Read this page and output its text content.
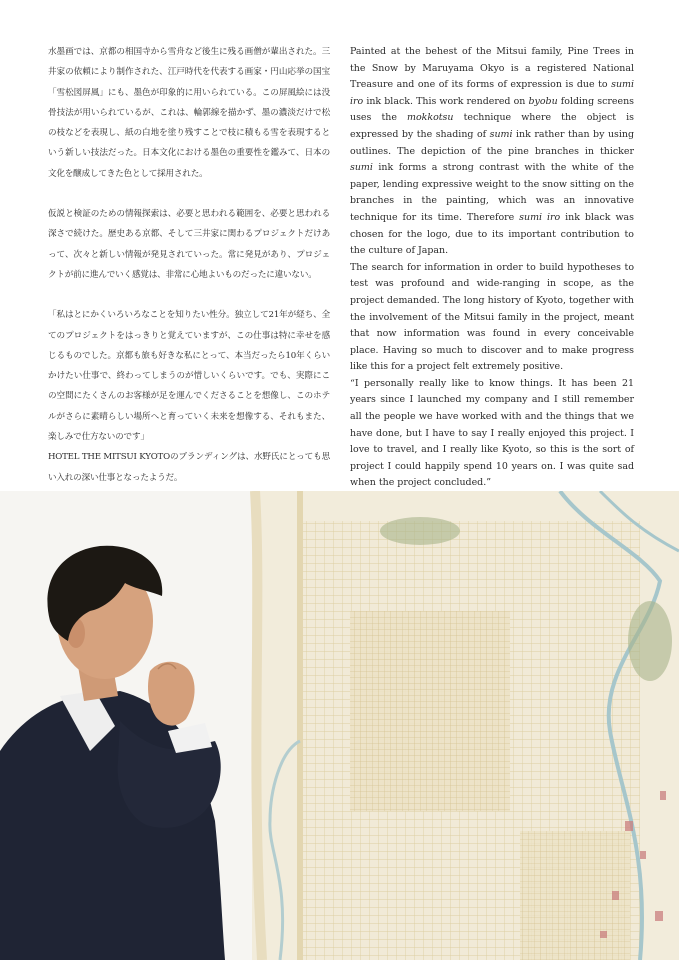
水墨画では、京都の相国寺から雪舟など後生に残る画僧が輩出された。三井家の依頼により制作された、江戸時代を代表する画家・円山応挙の国宝「雪松図屏風」にも、墨色が印象的に用いられている。この屏風絵には没骨技法が用いられているが、これは、輪郭線を描かず、墨の濃淡だけで松の枝などを表現し、紙の白地を塗り残すことで枝に積もる雪を表現するという新しい技法だった。日本文化における墨色の重要性を鑑みて、日本の文化を醸成してきた色として採用された。

仮説と検証のための情報探索は、必要と思われる範囲を、必要と思われる深さで続けた。歴史ある京都、そして三井家に関わるプロジェクトだけあって、次々と新しい情報が発見されていった。常に発見があり、プロジェクトが前に進んでいく感覚は、非常に心地よいものだったに違いない。

「私はとにかくいろいろなことを知りたい性分。独立して21年が経ち、全てのプロジェクトをはっきりと覚えていますが、この仕事は特に幸せを感じるものでした。京都も旅も好きな私にとって、本当だったら10年くらいかけたい仕事で、終わってしまうのが惜しいくらいです。でも、実際にこの空間にたくさんのお客様が足を運んでくださることを想像し、このホテルがさらに素晴らしい場所へと育っていく未来を想像する、それもまた、楽しみで仕方ないのです」

HOTEL THE MITSUI KYOTOのブランディングは、水野氏にとっても思い入れの深い仕事となったようだ。

Painted at the behest of the Mitsui family, Pine Trees in the Snow by Maruyama Okyo is a registered National Treasure and one of its forms of expression is due to sumi iro ink black. This work rendered on byobu folding screens uses the mokkotsu technique where the object is expressed by the shading of sumi ink rather than by using outlines. The depiction of the pine branches in thicker sumi ink forms a strong contrast with the white of the paper, lending expressive weight to the snow sitting on the branches in the painting, which was an innovative technique for its time. Therefore sumi iro ink black was chosen for the logo, due to its important contribution to the culture of Japan.

The search for information in order to build hypotheses to test was profound and wide-ranging in scope, as the project demanded. The long history of Kyoto, together with the involvement of the Mitsui family in the project, meant that now information was found in every conceivable place. Having so much to discover and to make progress like this for a project felt extremely positive.

“I personally really like to know things. It has been 21 years since I launched my company and I still remember all the people we have worked with and the things that we have done, but I have to say I really enjoyed this project. I love to travel, and I really like Kyoto, so this is the sort of project I could happily spend 10 years on. I was quite sad when the project concluded.”
